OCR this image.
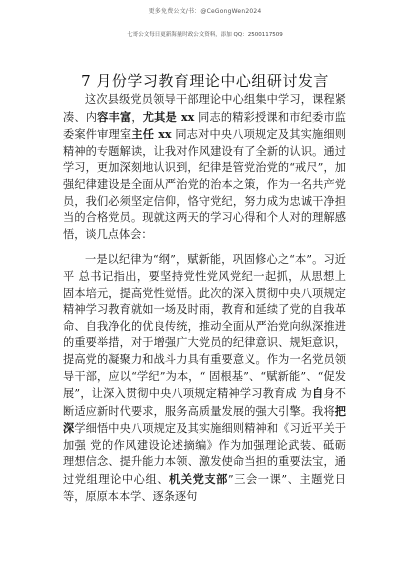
更多免费公文/书：@CeGongWen2024
七哥公文每日更新海量时政公文资料，添加 QQ：2500117509
7 月份学习教育理论中心组研讨发言

这次县级党员领导干部理论中心组集中学习，课程紧凑、内容丰富，尤其是 xx 同志的精彩授课和市纪委市监委案件审理室主任 xx 同志对中央八项规定及其实施细则精神的专题解读，让我对作风建设有了全新的认识。通过学习，更加深刻地认识到，纪律是管党治党的“戒尺”，加强纪律建设是全面从严治党的治本之策，作为一名共产党员，我们必须坚定信仰，恪守党纪，努力成为忠诚干净担当的合格党员。现就这两天的学习心得和个人对的理解感悟，谈几点体会：

一是以纪律为“纲”，赋新能，巩固修心之“本”。习近平 总书记指出，要坚持党性党风党纪一起抓，从思想上固本培元，提高党性觉悟。此次的深入贯彻中央八项规定精神学习教育就如一场及时雨，教育和延续了党的自我革命、自我净化的优良传统，推动全面从严治党向纵深推进的重要举措，对于增强广大党员的纪律意识、规矩意识，提高党的凝聚力和战斗力具有重要意义。作为一名党员领导干部，应以“学纪”为本，“ 固根基”、“赋新能”、“促发展”，让深入贯彻中央八项规定精神学习教育成 为自身不断适应新时代要求，服务高质量发展的强大引擎。我将把深学细悟中央八项规定及其实施细则精神和《习近平关于加强 党的作风建设论述摘编》作为加强理论武装、砥砺理想信念、提升能力本领、激发使命当担的重要法宝，通过党组理论中心组、机关党支部”三会一课”、主题党日等，原原本本学、逐条逐句
